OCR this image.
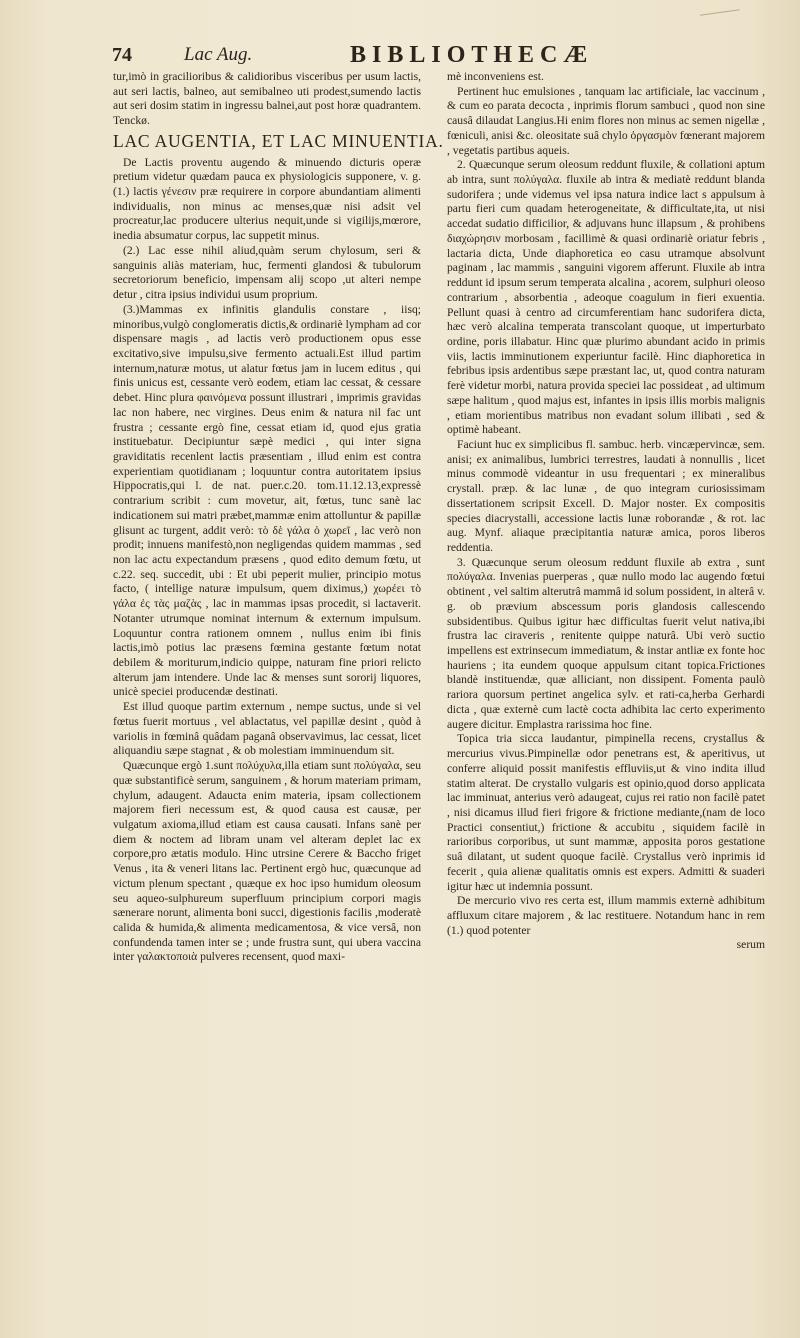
74	Lac Aug.	BIBLIOTHECÆ

tur,imò in gracilioribus & calidioribus visceribus per usum lactis, aut seri lactis, balneo, aut semibalneo uti prodest,sumendo lactis aut seri dosim statim in ingressu balnei,aut post horæ quadrantem. Tenckø.

LAC AUGENTIA, ET LAC MINUENTIA.

De Lactis proventu augendo & minuendo dicturis operæ pretium videtur quædam pauca ex physiologicis supponere, v. g. (1.) lactis γένεσιν præ requirere in corpore abundantiam alimenti individualis, non minus ac menses,quæ nisi adsit vel procreatur,lac producere ulterius nequit,unde si vigilijs,mœrore, inedia absumatur corpus, lac suppetit minus.

(2.) Lac esse nihil aliud,quàm serum chylosum, seri & sanguinis aliàs materiam, huc, fermenti glandosi & tubulorum secretoriorum beneficio, impensam alij scopo ,ut alteri nempe detur , citra ipsius individui usum proprium.

(3.)Mammas ex infinitis glandulis constare , iisq; minoribus,vulgò conglomeratis dictis,& ordinariè lympham ad cor dispensare magis , ad lactis verò productionem opus esse excitativo,sive impulsu,sive fermento actuali.Est illud partim internum,naturæ motus, ut alatur fœtus jam in lucem editus , qui finis unicus est, cessante verò eodem, etiam lac cessat, & cessare debet. Hinc plura φαινόμενα possunt illustrari , imprimis gravidas lac non habere, nec virgines. Deus enim & natura nil fac unt frustra ; cessante ergò fine, cessat etiam id, quod ejus gratia instituebatur. Decipiuntur sæpè medici , qui inter signa graviditatis recenlent lactis præsentiam , illud enim est contra experientiam quotidianam ; loquuntur contra autoritatem ipsius Hippocratis,qui l. de nat. puer.c.20. tom.11.12.13,expressè contrarium scribit : cum movetur, ait, fœtus, tunc sanè lac indicationem sui matri præbet,mammæ enim attolluntur & papillæ glisunt ac turgent, addit verò: τὸ δὲ γάλα ὁ χωρεῖ , lac verò non prodit; innuens manifestò,non negligendas quidem mammas , sed non lac actu expectandum præsens , quod edito demum fœtu, ut c.22. seq. succedit, ubi : Et ubi peperit mulier, principio motus facto, ( intellige naturæ impulsum, quem diximus,) χωρέει τὸ γάλα ἐς τὰς μαζὰς , lac in mammas ipsas procedit, si lactaverit. Notanter utrumque nominat internum & externum impulsum. Loquuntur contra rationem omnem , nullus enim ibi finis lactis,imò potius lac præsens fœmina gestante fœtum notat debilem & moriturum,indicio quippe, naturam fine priori relicto alterum jam intendere. Unde lac & menses sunt sororij liquores, unicè speciei producendæ destinati.

Est illud quoque partim externum , nempe suctus, unde si vel fœtus fuerit mortuus , vel ablactatus, vel papillæ desint , quòd à variolis in fœminâ quâdam paganâ observavimus, lac cessat, licet aliquandiu sæpe stagnat , & ob molestiam imminuendum sit.

Quæcunque ergò 1.sunt πολύχυλα,illa etiam sunt πολύγαλα, seu quæ substantificè serum, sanguinem , & horum materiam primam, chylum, adaugent. Adaucta enim materia, ipsam collectionem majorem fieri necessum est, & quod causa est causæ, per vulgatum axioma,illud etiam est causa causati. Infans sanè per diem & noctem ad libram unam vel alteram deplet lac ex corpore,pro ætatis modulo. Hinc utrsine Cerere & Baccho friget Venus , ita & veneri litans lac. Pertinent ergò huc, quæcunque ad victum plenum spectant , quæque ex hoc ipso humidum oleosum seu aqueo-sulphureum superfluum principium corpori magis sænerare norunt, alimenta boni succi, digestionis facilis ,moderatè calida & humida,& alimenta medicamentosa, & vice versâ, non confundenda tamen inter se ; unde frustra sunt, qui ubera vaccina inter γαλακτοποιὰ pulveres recensent, quod maxi-

mè inconveniens est.

Pertinent huc emulsiones , tanquam lac artificiale, lac vaccinum , & cum eo parata decocta , inprimis florum sambuci , quod non sine causâ dilaudat Langius.Hi enim flores non minus ac semen nigellæ , fœniculi, anisi &c. oleositate suâ chylo ὀργασμὸν fœnerant majorem , vegetatis partibus aqueis.

2. Quæcunque serum oleosum reddunt fluxile, & collationi aptum ab intra, sunt πολύγαλα. fluxile ab intra & mediatè reddunt blanda sudorifera ; unde videmus vel ipsa natura indice lact s appulsum à partu fieri cum quadam heterogeneitate, & difficultate,ita, ut nisi accedat sudatio difficilior, & adjuvans hunc illapsum , & prohibens διαχώρησιν morbosam , facillimè & quasi ordinariè oriatur febris , lactaria dicta, Unde diaphoretica eo casu utramque absolvunt paginam , lac mammis , sanguini vigorem afferunt. Fluxile ab intra reddunt id ipsum serum temperata alcalina , acorem, sulphuri oleoso contrarium , absorbentia , adeoque coagulum in fieri exuentia. Pellunt quasi à centro ad circumferentiam hanc sudorifera dicta, hæc verò alcalina temperata transcolant quoque, ut imperturbato ordine, poris illabatur. Hinc quæ plurimo abundant acido in primis viis, lactis imminutionem experiuntur facilè. Hinc diaphoretica in febribus ipsis ardentibus sæpe præstant lac, ut, quod contra naturam ferè videtur morbi, natura provida speciei lac possideat , ad ultimum sæpe halitum , quod majus est, infantes in ipsis illis morbis malignis , etiam morientibus matribus non evadant solum illibati , sed & optimè habeant.

Faciunt huc ex simplicibus fl. sambuc. herb. vincæpervincæ, sem. anisi; ex animalibus, lumbrici terrestres, laudati à nonnullis , licet minus commodè videantur in usu frequentari ; ex mineralibus crystall. præp. & lac lunæ , de quo integram curiosissimam dissertationem scripsit Excell. D. Major noster. Ex compositis species diacrystalli, accessione lactis lunæ roborandæ , & rot. lac aug. Mynf. aliaque præcipitantia naturæ amica, poros liberos reddentia.

3. Quæcunque serum oleosum reddunt fluxile ab extra , sunt πολύγαλα. Invenias puerperas , quæ nullo modo lac augendo fœtui obtinent , vel saltim alterutrâ mammâ id solum possident, in alterâ v. g. ob prævium abscessum poris glandosis callescendo subsidentibus. Quibus igitur hæc difficultas fuerit velut nativa,ibi frustra lac ciraveris , renitente quippe naturâ. Ubi verò suctio impellens est extrinsecum immediatum, & instar antliæ ex fonte hoc hauriens ; ita eundem quoque appulsum citant topica.Frictiones blandè instituendæ, quæ alliciant, non dissipent. Fomenta paulò rariora quorsum pertinet angelica sylv. et rati-ca,herba Gerhardi dicta , quæ externè cum lactè cocta adhibita lac certo experimento augere dicitur. Emplastra rarissima hoc fine.

Topica tria sicca laudantur, pimpinella recens, crystallus & mercurius vivus.Pimpinellæ odor penetrans est, & aperitivus, ut conferre aliquid possit manifestis effluviis,ut & vino indita illud statim alterat. De crystallo vulgaris est opinio,quod dorso applicata lac imminuat, anterius verò adaugeat, cujus rei ratio non facilè patet , nisi dicamus illud fieri frigore & frictione mediante,(nam de loco Practici consentiut,) frictione & accubitu , siquidem facilè in rarioribus corporibus, ut sunt mammæ, apposita poros gestatione suâ dilatant, ut sudent quoque facilè. Crystallus verò inprimis id fecerit , quia alienæ qualitatis omnis est expers. Admitti & suaderi igitur hæc ut indemnia possunt.

De mercurio vivo res certa est, illum mammis externè adhibitum affluxum citare majorem , & lac restituere. Notandum hanc in rem (1.) quod potenter

serum
